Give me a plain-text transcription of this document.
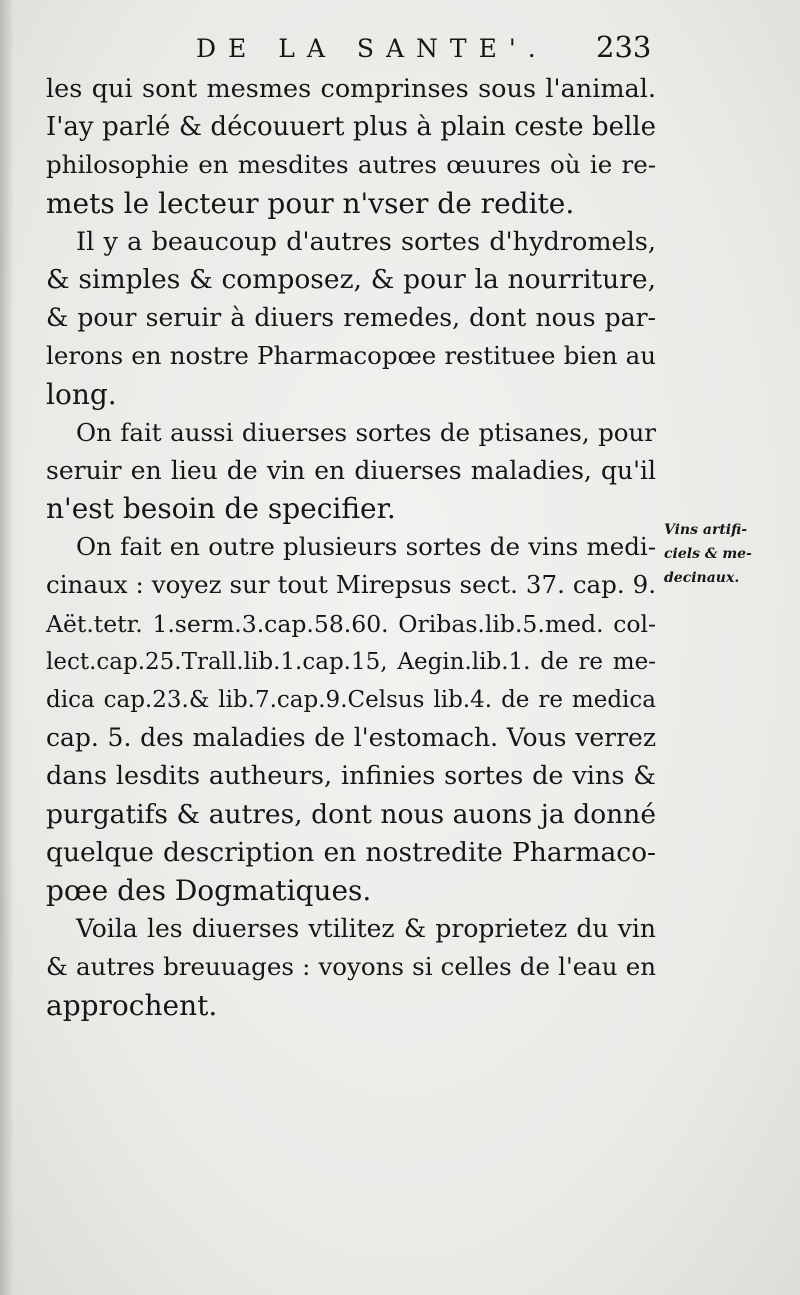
DE LA SANTE'. 233
les qui sont mesmes comprinses sous l'animal.
I'ay parlé & découuert plus à plain ceste belle
philosophie en mesdites autres œuures où ie re-
mets le lecteur pour n'vser de redite.
Il y a beaucoup d'autres sortes d'hydromels,
& simples & composez, & pour la nourriture,
& pour seruir à diuers remedes, dont nous par-
lerons en nostre Pharmacopœe restituee bien au
long.
On fait aussi diuerses sortes de ptisanes, pour
seruir en lieu de vin en diuerses maladies, qu'il
n'est besoin de specifier.
On fait en outre plusieurs sortes de vins medi-
cinaux : voyez sur tout Mirepsus sect. 37. cap. 9.
Aët.tetr. 1.serm.3.cap.58.60. Oribas.lib.5.med. col-
lect.cap.25.Trall.lib.1.cap.15, Aegin.lib.1. de re me-
dica cap.23.& lib.7.cap.9.Celsus lib.4. de re medica
cap. 5. des maladies de l'estomach. Vous verrez
dans lesdits autheurs, infinies sortes de vins &
purgatifs & autres, dont nous auons ja donné
quelque description en nostredite Pharmaco-
pœe des Dogmatiques.
Voila les diuerses vtilitez & proprietez du vin
& autres breuuages : voyons si celles de l'eau en
approchent.
Vins artifi-
ciels & me-
decinaux.
